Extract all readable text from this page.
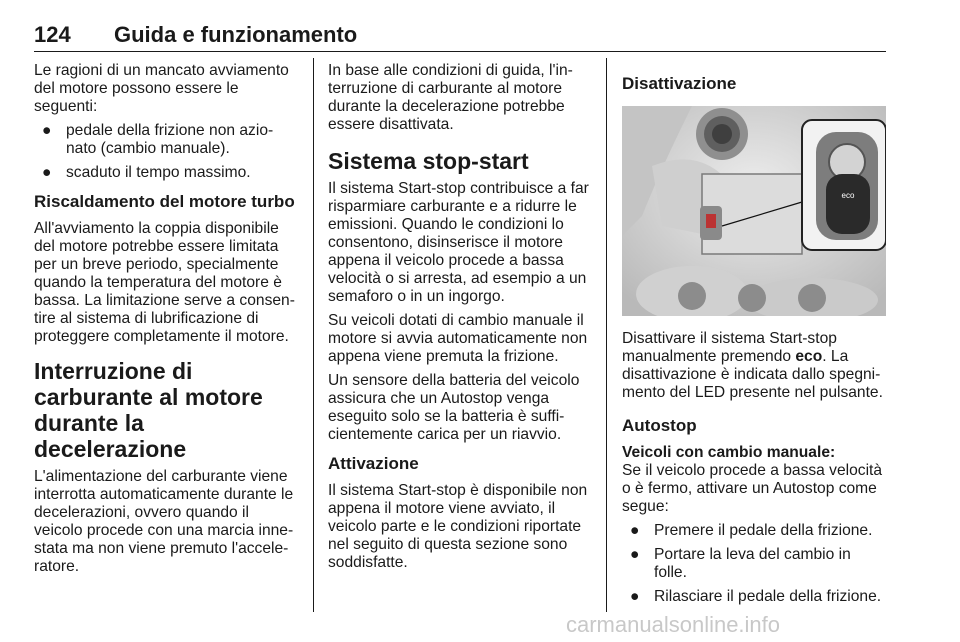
124 Guida e funzionamento

Le ragioni di un mancato avviamento del motore possono essere le seguenti:

● pedale della frizione non azio- nato (cambio manuale).
● scaduto il tempo massimo.
Riscaldamento del motore turbo

All'avviamento la coppia disponibile del motore potrebbe essere limitata per un breve periodo, specialmente quando la temperatura del motore è bassa. La limitazione serve a consen- tire al sistema di lubrificazione di proteggere completamente il motore.

Interruzione di carburante al motore durante la decelerazione

L'alimentazione del carburante viene interrotta automaticamente durante le decelerazioni, ovvero quando il veicolo procede con una marcia inne- stata ma non viene premuto l'accele- ratore.

In base alle condizioni di guida, l'in- terruzione di carburante al motore durante la decelerazione potrebbe essere disattivata.

Sistema stop-start

Il sistema Start-stop contribuisce a far risparmiare carburante e a ridurre le emissioni. Quando le condizioni lo consentono, disinserisce il motore appena il veicolo procede a bassa velocità o si arresta, ad esempio a un semaforo o in un ingorgo.

Su veicoli dotati di cambio manuale il motore si avvia automaticamente non appena viene premuta la frizione.

Un sensore della batteria del veicolo assicura che un Autostop venga eseguito solo se la batteria è suffi- cientemente carica per un riavvio.

Attivazione

Il sistema Start-stop è disponibile non appena il motore viene avviato, il veicolo parte e le condizioni riportate nel seguito di questa sezione sono soddisfatte.

Disattivazione
eco

Disattivare il sistema Start-stop manualmente premendo eco. La disattivazione è indicata dallo spegni- mento del LED presente nel pulsante.

Autostop
Veicoli con cambio manuale:

Se il veicolo procede a bassa velocità o è fermo, attivare un Autostop come segue:

● Premere il pedale della frizione.
● Portare la leva del cambio in folle.
● Rilasciare il pedale della frizione.
carmanualsonline.info
